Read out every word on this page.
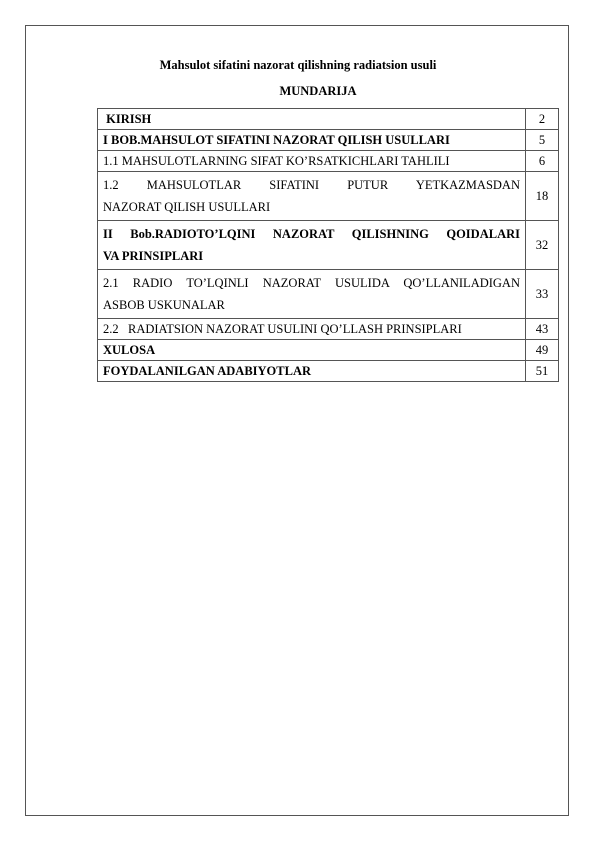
Mahsulot sifatini nazorat qilishning radiatsion usuli
MUNDARIJA
KIRISH	2
I BOB.MAHSULOT SIFATINI NAZORAT QILISH USULLARI	5
1.1 MAHSULOTLARNING SIFAT KO’RSATKICHLARI TAHLILI	6

1.2 MAHSULOTLAR SIFATINI PUTUR YETKAZMASDAN
NAZORAT QILISH USULLARI	18

II Bob.RADIOTO’LQINI NAZORAT QILISHNING QOIDALARI
VA PRINSIPLARI	32

2.1 RADIO TO’LQINLI NAZORAT USULIDA QO’LLANILADIGAN
ASBOB USKUNALAR	33
2.2   RADIATSION NAZORAT USULINI QO’LLASH PRINSIPLARI	43
XULOSA	49
FOYDALANILGAN ADABIYOTLAR	51
